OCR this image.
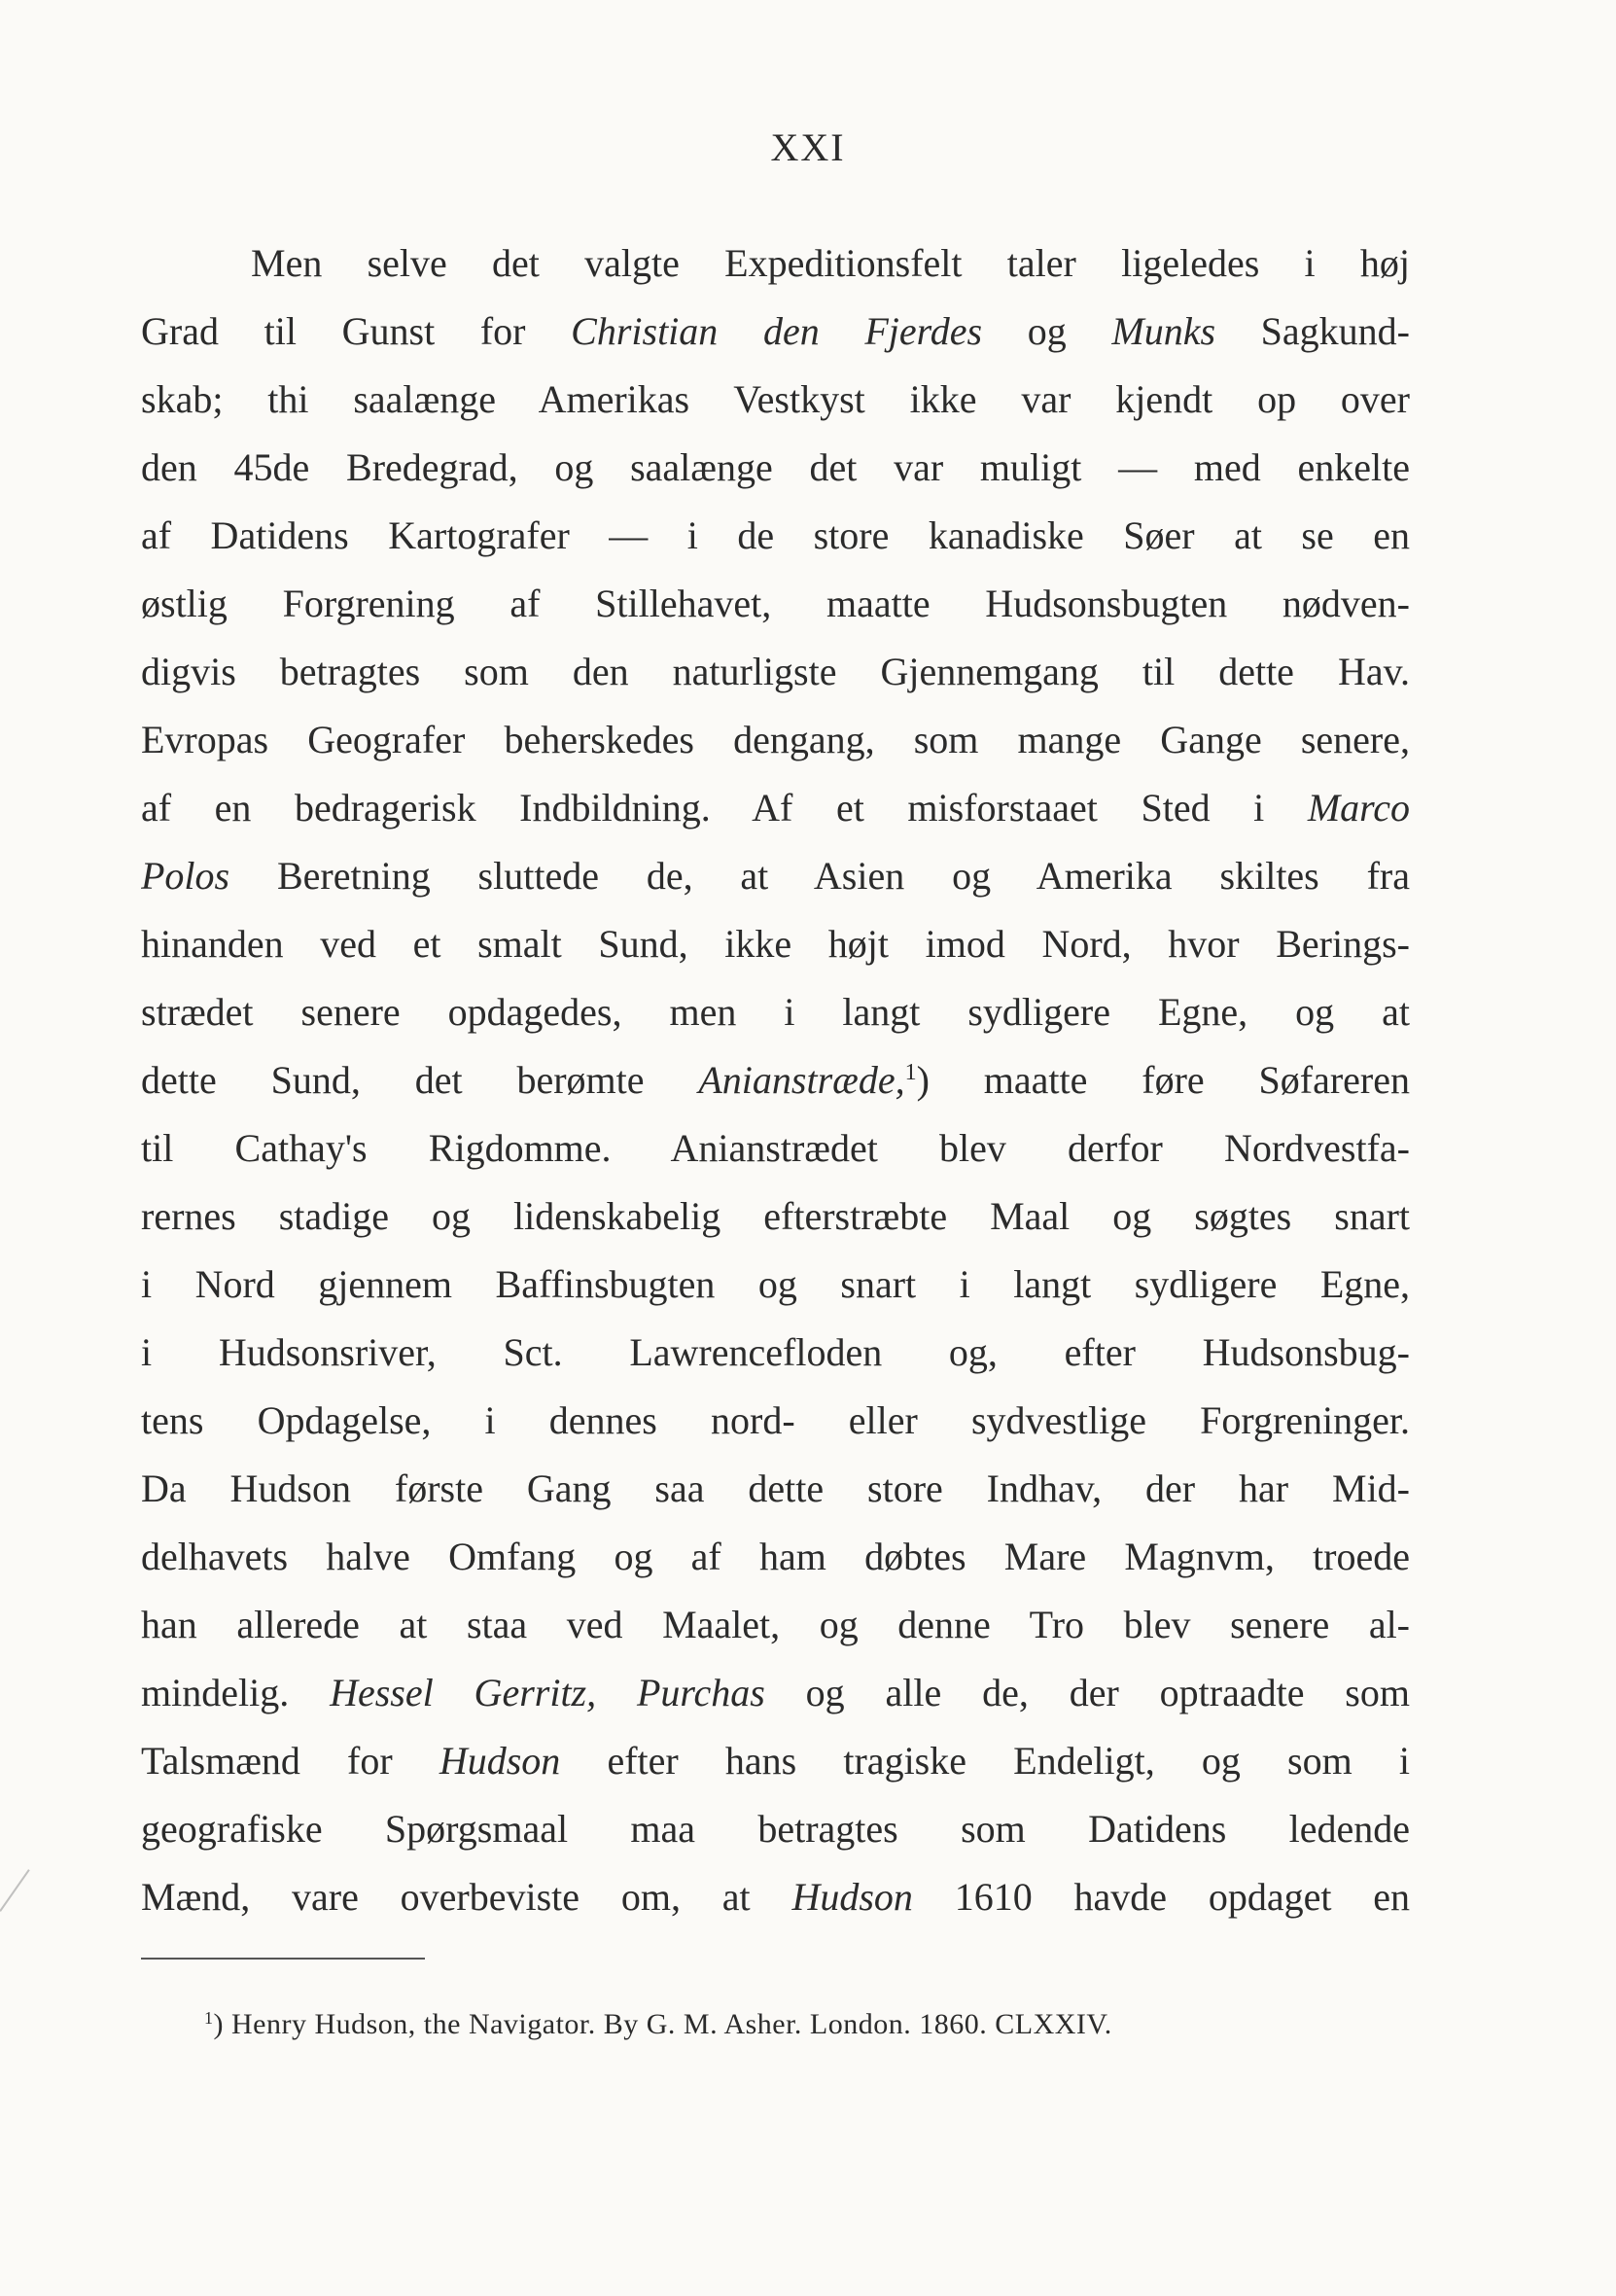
XXI
Men selve det valgte Expeditionsfelt taler ligeledes i høj
Grad til Gunst for Christian den Fjerdes og Munks Sagkund-
skab; thi saalænge Amerikas Vestkyst ikke var kjendt op over
den 45de Bredegrad, og saalænge det var muligt — med enkelte
af Datidens Kartografer — i de store kanadiske Søer at se en
østlig Forgrening af Stillehavet, maatte Hudsonsbugten nødven-
digvis betragtes som den naturligste Gjennemgang til dette Hav.
Evropas Geografer beherskedes dengang, som mange Gange senere,
af en bedragerisk Indbildning. Af et misforstaaet Sted i Marco
Polos Beretning sluttede de, at Asien og Amerika skiltes fra
hinanden ved et smalt Sund, ikke højt imod Nord, hvor Berings-
strædet senere opdagedes, men i langt sydligere Egne, og at
dette Sund, det berømte Anianstræde,$^1$) maatte føre Søfareren
til Cathay's Rigdomme. Anianstrædet blev derfor Nordvestfa-
rernes stadige og lidenskabelig efterstræbte Maal og søgtes snart
i Nord gjennem Baffinsbugten og snart i langt sydligere Egne,
i Hudsonsriver, Sct. Lawrencefloden og, efter Hudsonsbug-
tens Opdagelse, i dennes nord- eller sydvestlige Forgreninger.
Da Hudson første Gang saa dette store Indhav, der har Mid-
delhavets halve Omfang og af ham døbtes Mare Magnvm, troede
han allerede at staa ved Maalet, og denne Tro blev senere al-
mindelig. Hessel Gerritz, Purchas og alle de, der optraadte som
Talsmænd for Hudson efter hans tragiske Endeligt, og som i
geografiske Spørgsmaal maa betragtes som Datidens ledende
Mænd, vare overbeviste om, at Hudson 1610 havde opdaget en
$^1$) Henry Hudson, the Navigator. By G. M. Asher. London. 1860. CLXXIV.
